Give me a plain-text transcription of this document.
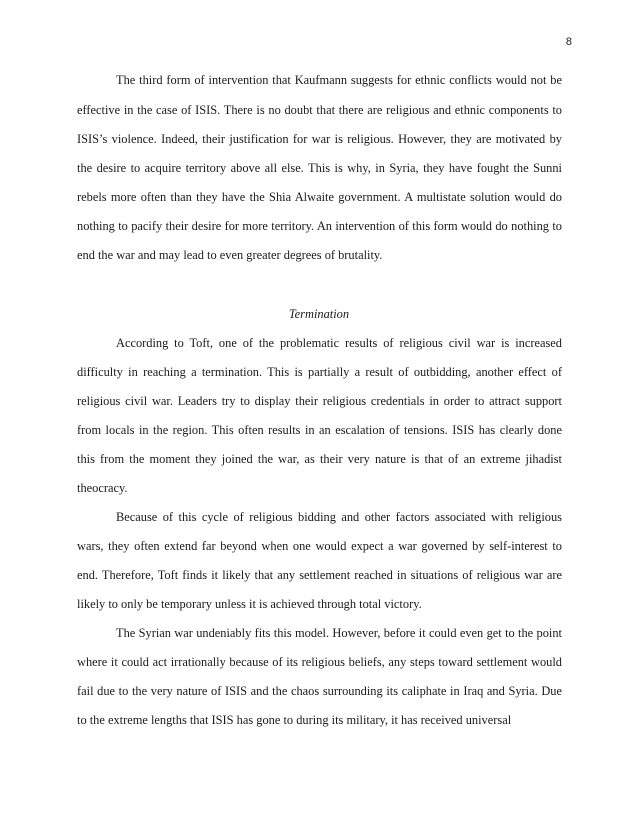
8
The third form of intervention that Kaufmann suggests for ethnic conflicts would not be
effective in the case of ISIS. There is no doubt that there are religious and ethnic components to
ISIS’s violence. Indeed, their justification for war is religious. However, they are motivated by
the desire to acquire territory above all else. This is why, in Syria, they have fought the Sunni
rebels more often than they have the Shia Alwaite government. A multistate solution would do
nothing to pacify their desire for more territory. An intervention of this form would do nothing to
end the war and may lead to even greater degrees of brutality.
Termination
According to Toft, one of the problematic results of religious civil war is increased
difficulty in reaching a termination. This is partially a result of outbidding, another effect of
religious civil war. Leaders try to display their religious credentials in order to attract support
from locals in the region. This often results in an escalation of tensions. ISIS has clearly done
this from the moment they joined the war, as their very nature is that of an extreme jihadist
theocracy.
Because of this cycle of religious bidding and other factors associated with religious
wars, they often extend far beyond when one would expect a war governed by self-interest to
end. Therefore, Toft finds it likely that any settlement reached in situations of religious war are
likely to only be temporary unless it is achieved through total victory.
The Syrian war undeniably fits this model. However, before it could even get to the point
where it could act irrationally because of its religious beliefs, any steps toward settlement would
fail due to the very nature of ISIS and the chaos surrounding its caliphate in Iraq and Syria. Due
to the extreme lengths that ISIS has gone to during its military, it has received universal
